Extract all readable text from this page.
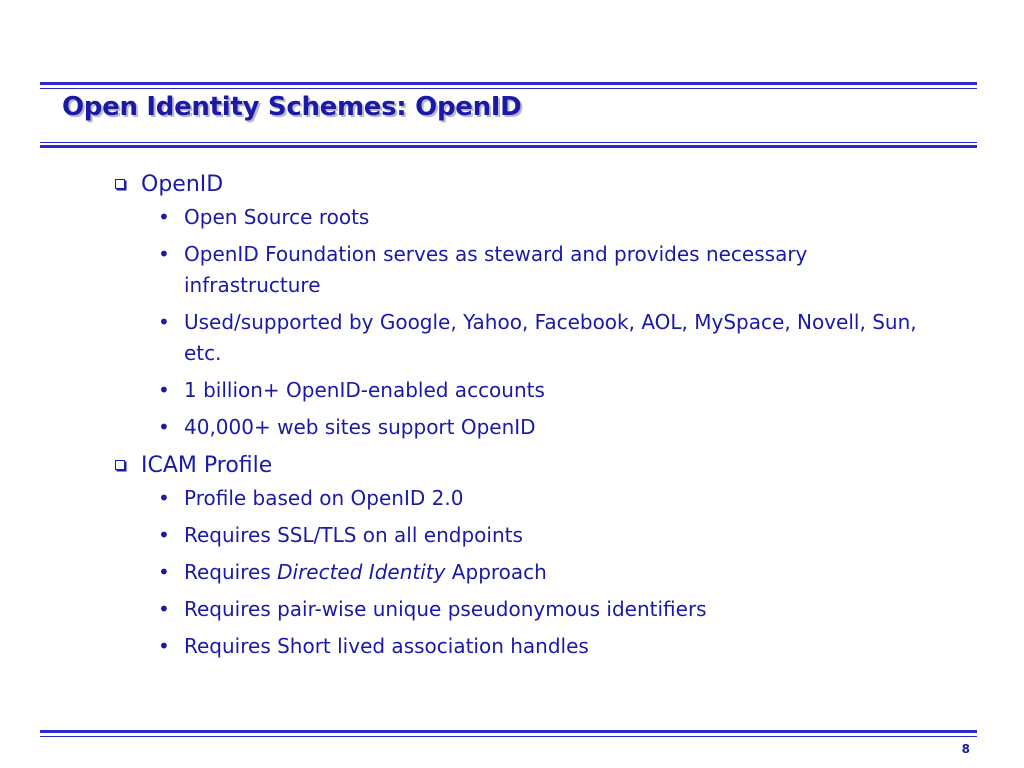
Open Identity Schemes: OpenID
OpenID
• Open Source roots
• OpenID Foundation serves as steward and provides necessary infrastructure
• Used/supported by Google, Yahoo, Facebook, AOL, MySpace, Novell, Sun, etc.
• 1 billion+ OpenID-enabled accounts
• 40,000+ web sites support OpenID
ICAM Profile
• Profile based on OpenID 2.0
• Requires SSL/TLS on all endpoints
• Requires Directed Identity Approach
• Requires pair-wise unique pseudonymous identifiers
• Requires Short lived association handles
8
